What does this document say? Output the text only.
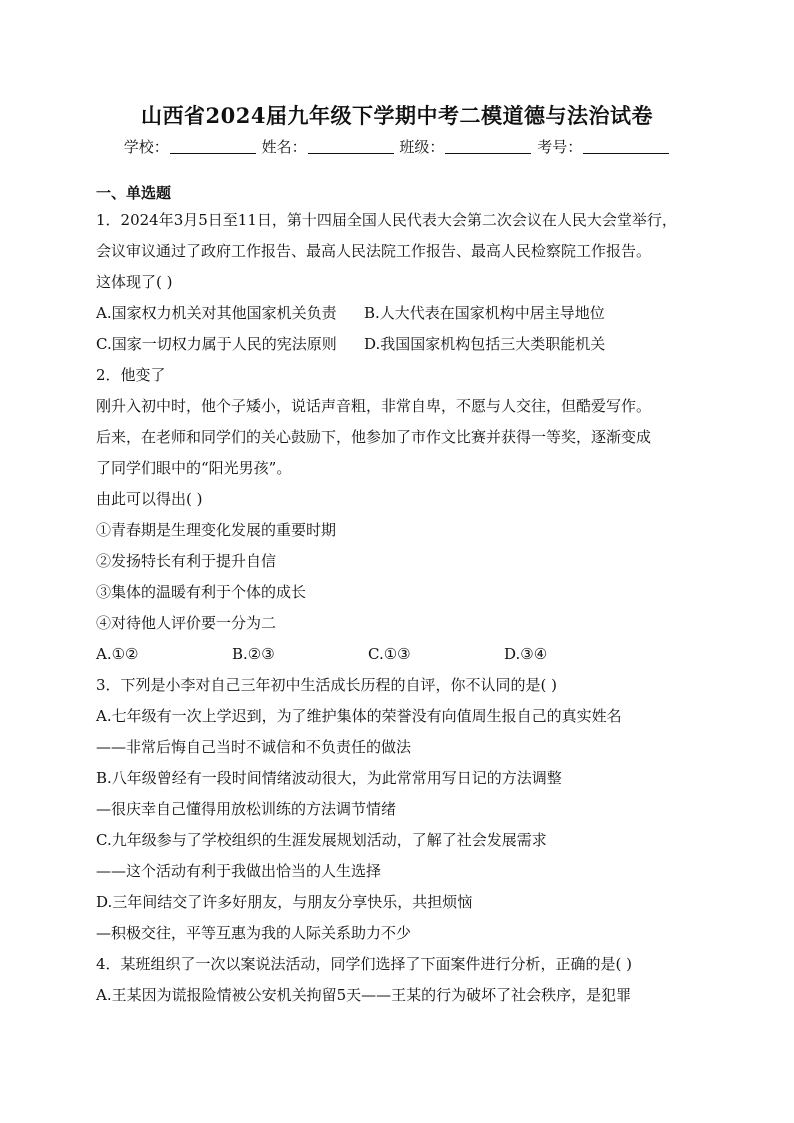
山西省2024届九年级下学期中考二模道德与法治试卷
学校：	姓名：	班级：	考号：
一、单选题
1．2024年3月5日至11日，第十四届全国人民代表大会第二次会议在人民大会堂举行，
会议审议通过了政府工作报告、最高人民法院工作报告、最高人民检察院工作报告。
这体现了( )
A.国家权力机关对其他国家机关负责 B.人大代表在国家机构中居主导地位
C.国家一切权力属于人民的宪法原则 D.我国国家机构包括三大类职能机关
2．他变了
刚升入初中时，他个子矮小，说话声音粗，非常自卑，不愿与人交往，但酷爱写作。
后来，在老师和同学们的关心鼓励下，他参加了市作文比赛并获得一等奖，逐渐变成
了同学们眼中的“阳光男孩”。
由此可以得出( )
①青春期是生理变化发展的重要时期
②发扬特长有利于提升自信
③集体的温暖有利于个体的成长
④对待他人评价要一分为二
A.①②	B.②③	C.①③	D.③④
3．下列是小李对自己三年初中生活成长历程的自评，你不认同的是( )
A.七年级有一次上学迟到，为了维护集体的荣誉没有向值周生报自己的真实姓名
——非常后悔自己当时不诚信和不负责任的做法
B.八年级曾经有一段时间情绪波动很大，为此常常用写日记的方法调整
—很庆幸自己懂得用放松训练的方法调节情绪
C.九年级参与了学校组织的生涯发展规划活动，了解了社会发展需求
——这个活动有利于我做出恰当的人生选择
D.三年间结交了许多好朋友，与朋友分享快乐，共担烦恼
—积极交往，平等互惠为我的人际关系助力不少
4．某班组织了一次以案说法活动，同学们选择了下面案件进行分析，正确的是( )
A.王某因为谎报险情被公安机关拘留5天——王某的行为破坏了社会秩序，是犯罪
